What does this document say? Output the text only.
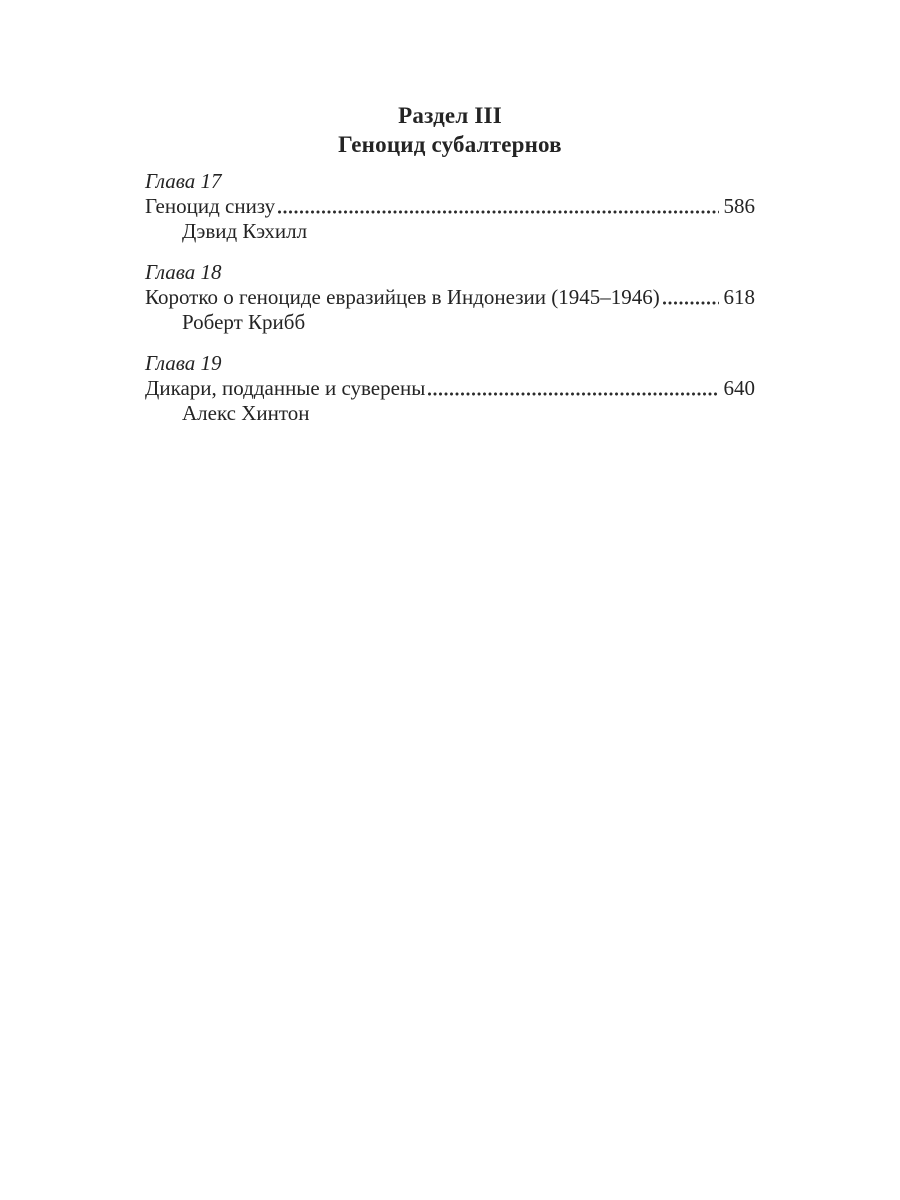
Раздел III
Геноцид субалтернов
Глава 17
Геноцид снизу	586
Дэвид Кэхилл
Глава 18
Коротко о геноциде евразийцев в Индонезии (1945–1946)	618
Роберт Крибб
Глава 19
Дикари, подданные и суверены	640
Алекс Хинтон
